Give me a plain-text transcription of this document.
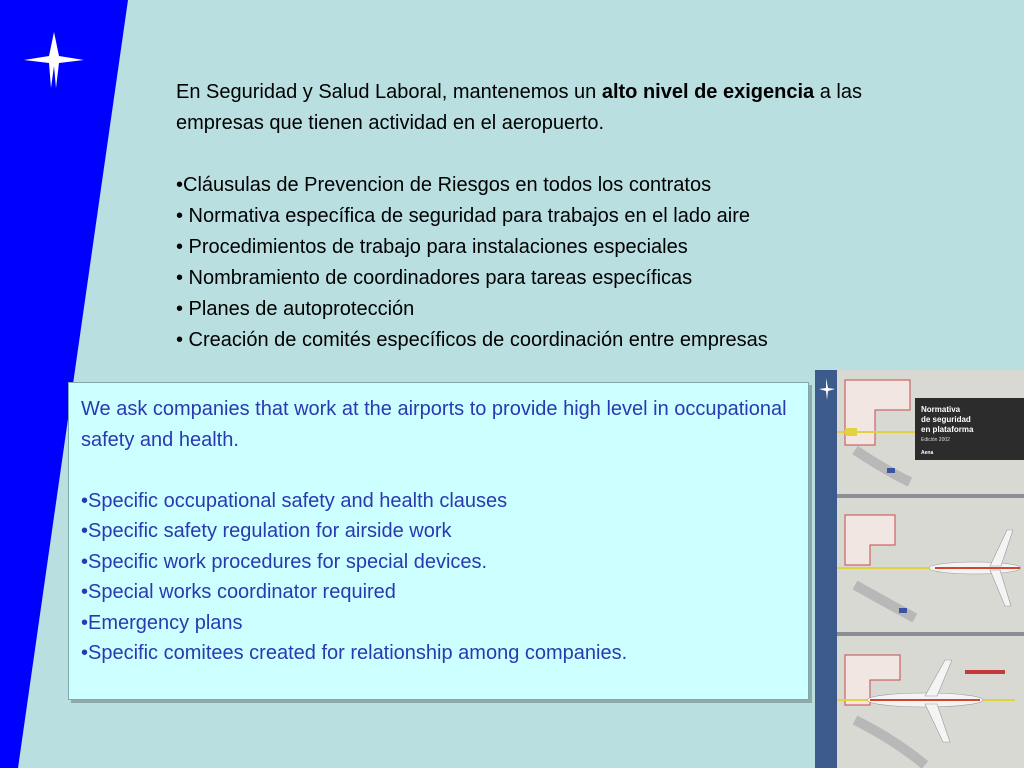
En Seguridad y Salud Laboral, mantenemos un alto nivel de exigencia a las empresas que tienen actividad en el aeropuerto.

•Cláusulas de Prevencion de Riesgos en todos los contratos

• Normativa específica de seguridad para trabajos en el lado aire

• Procedimientos de trabajo para instalaciones especiales

• Nombramiento de coordinadores para tareas específicas

• Planes de autoprotección

• Creación de comités específicos de coordinación entre empresas

We ask companies that work at the airports to provide high level in occupational safety and health.

•Specific occupational safety and health clauses

•Specific safety regulation for airside work

•Specific work procedures for special devices.

•Special works coordinator required

•Emergency plans

•Specific comitees created for relationship among companies.

Normativa
de seguridad
en plataforma
Edición 2002
Aena
